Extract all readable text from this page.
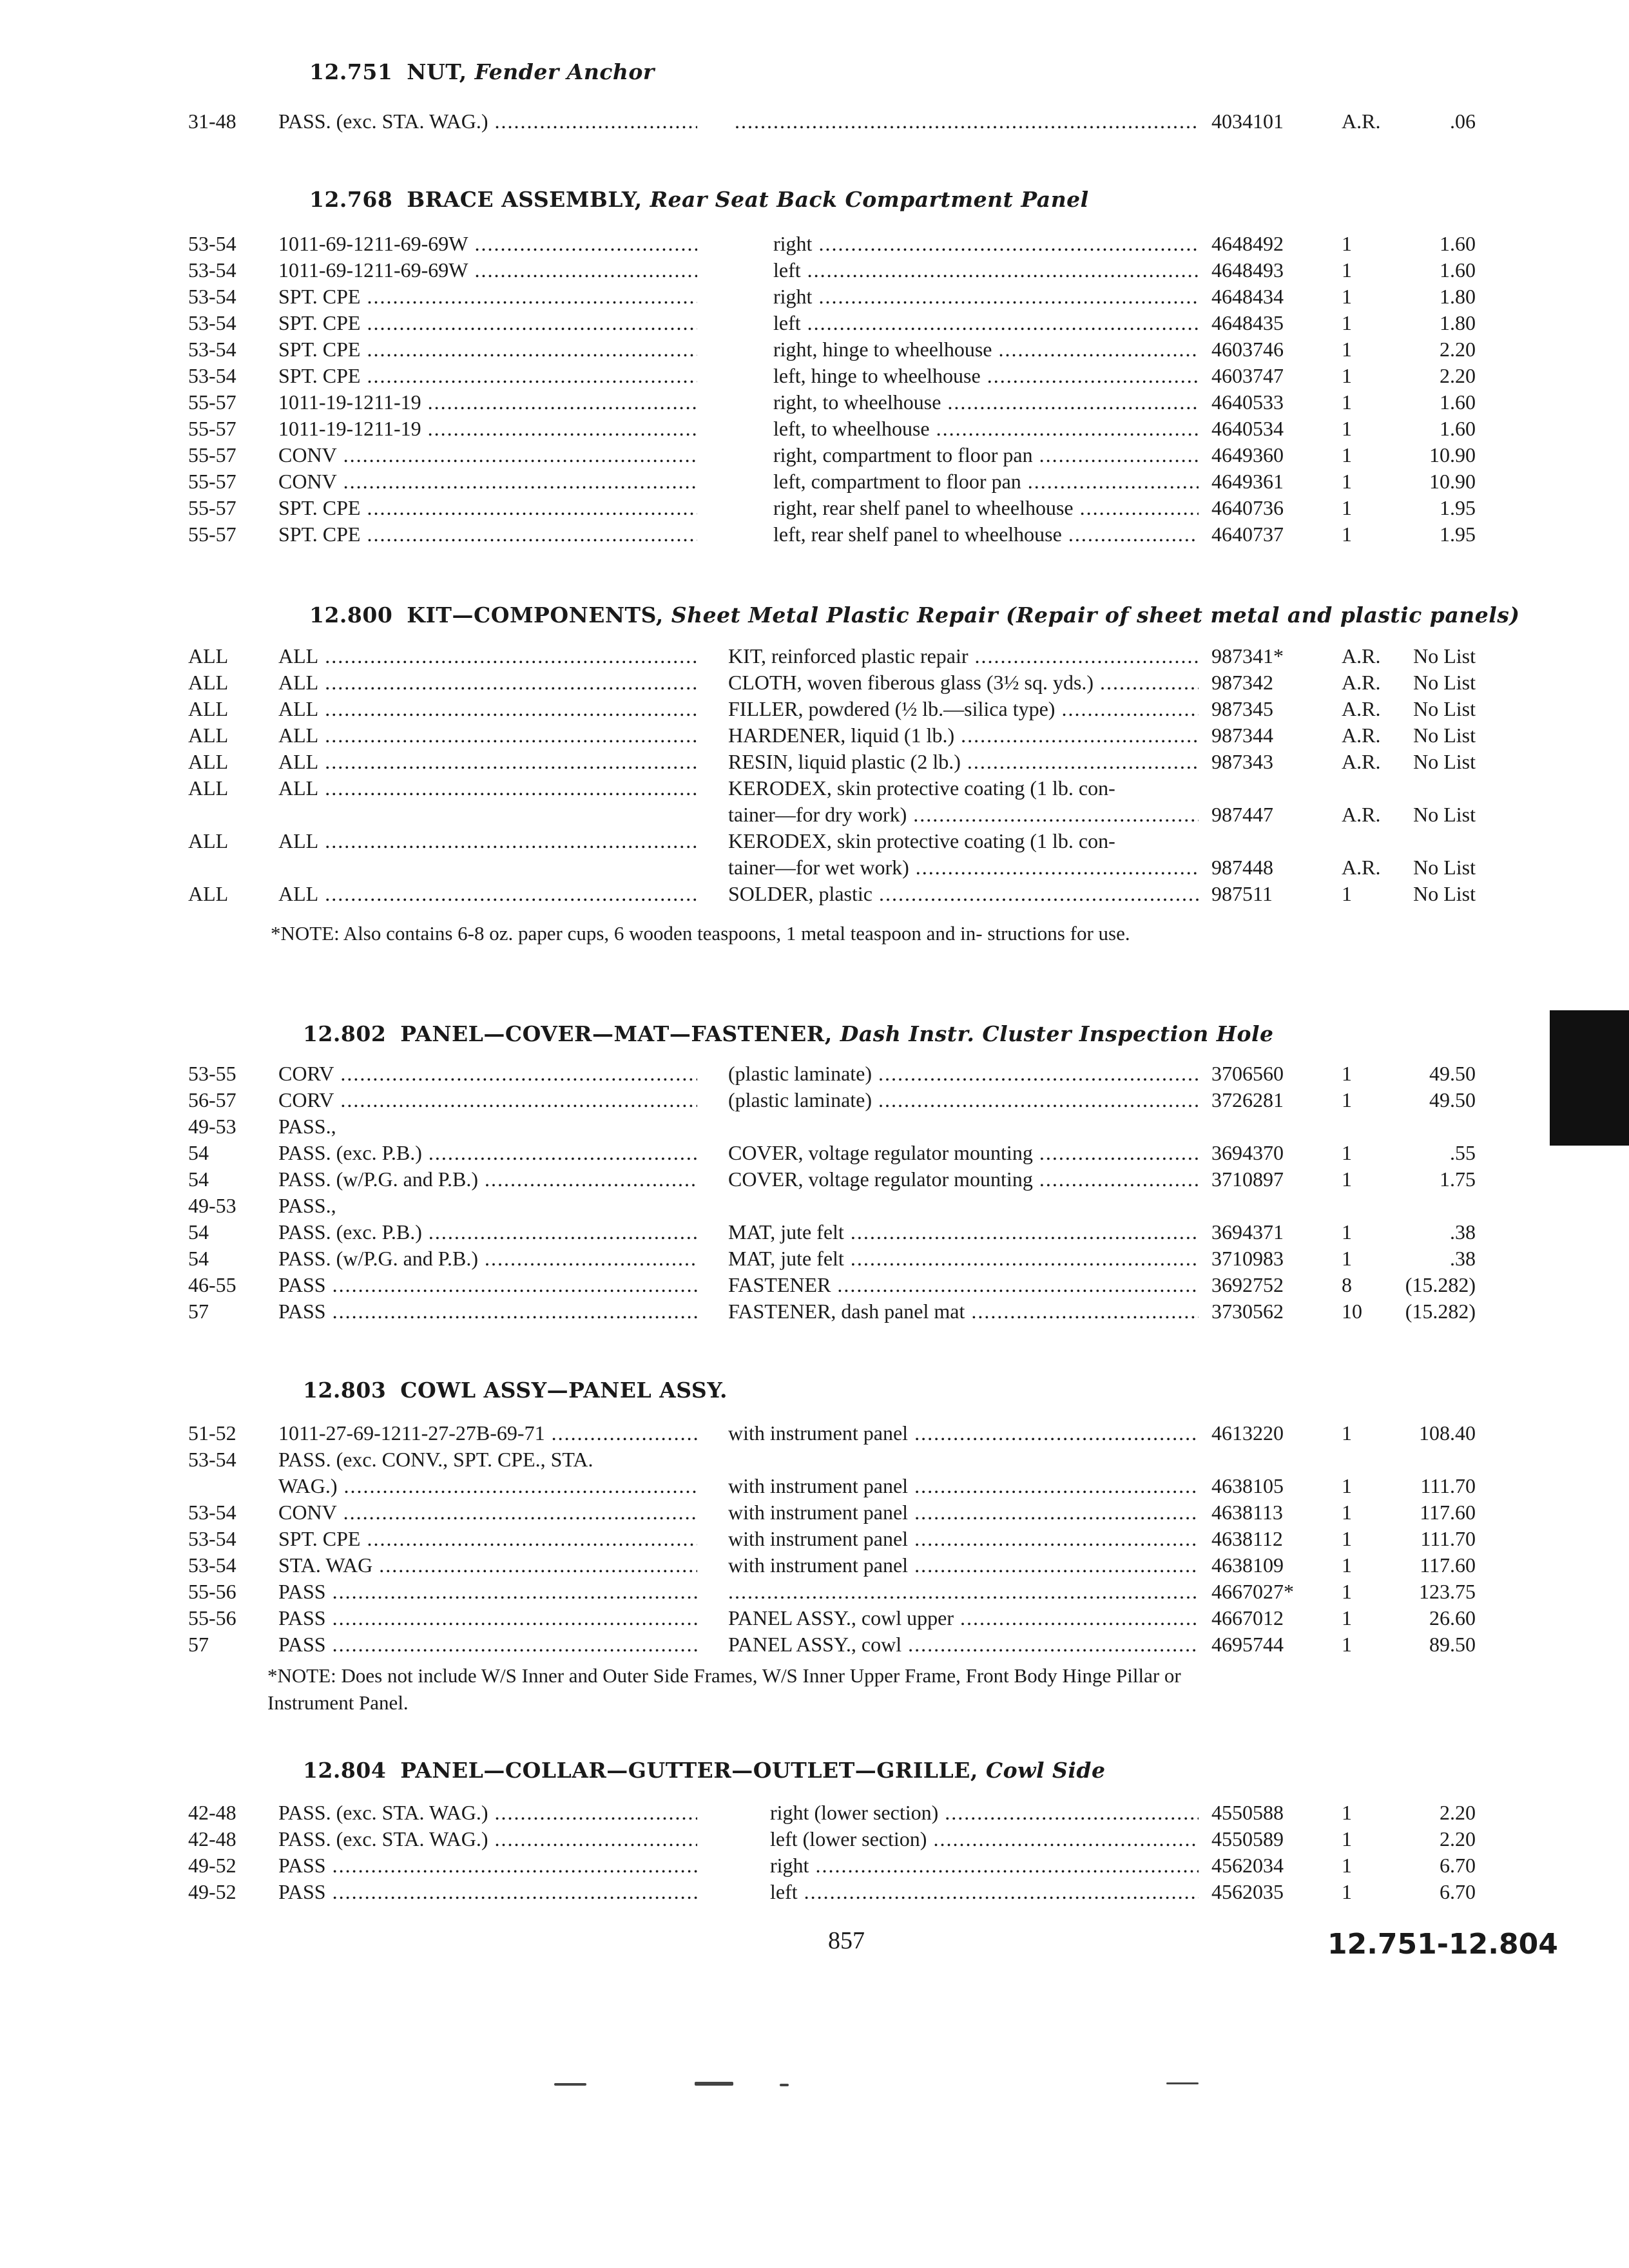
12.751 NUT, Fender Anchor
31-48	PASS. (exc. STA. WAG.) ..... .....	4034101	A.R.	.06
12.768 BRACE ASSEMBLY, Rear Seat Back Compartment Panel
53-54	1011-69-1211-69-69W .....	right .....	4648492	1	1.60
53-54	1011-69-1211-69-69W .....	left .....	4648493	1	1.60
53-54	SPT. CPE .....	right .....	4648434	1	1.80
53-54	SPT. CPE .....	left .....	4648435	1	1.80
53-54	SPT. CPE .....	right, hinge to wheelhouse .....	4603746	1	2.20
53-54	SPT. CPE .....	left, hinge to wheelhouse .....	4603747	1	2.20
55-57	1011-19-1211-19 .....	right, to wheelhouse .....	4640533	1	1.60
55-57	1011-19-1211-19 .....	left, to wheelhouse .....	4640534	1	1.60
55-57	CONV .....	right, compartment to floor pan .....	4649360	1	10.90
55-57	CONV .....	left, compartment to floor pan .....	4649361	1	10.90
55-57	SPT. CPE .....	right, rear shelf panel to wheelhouse .....	4640736	1	1.95
55-57	SPT. CPE .....	left, rear shelf panel to wheelhouse .....	4640737	1	1.95
12.800 KIT—COMPONENTS, Sheet Metal Plastic Repair (Repair of sheet metal and plastic panels)
ALL	ALL .....	KIT, reinforced plastic repair .....	987341*	A.R.	No List
ALL	ALL .....	CLOTH, woven fiberous glass (3½ sq. yds.) .....	987342	A.R.	No List
ALL	ALL .....	FILLER, powdered (½ lb.—silica type) .....	987345	A.R.	No List
ALL	ALL .....	HARDENER, liquid (1 lb.) .....	987344	A.R.	No List
ALL	ALL .....	RESIN, liquid plastic (2 lb.) .....	987343	A.R.	No List
ALL	ALL .....	KERODEX, skin protective coating (1 lb. con-
tainer—for dry work) .....	987447	A.R.	No List
ALL	ALL .....	KERODEX, skin protective coating (1 lb. con-
tainer—for wet work) .....	987448	A.R.	No List
ALL	ALL .....	SOLDER, plastic .....	987511	1	No List
*NOTE: Also contains 6-8 oz. paper cups, 6 wooden teaspoons, 1 metal teaspoon and in- structions for use.
12.802 PANEL—COVER—MAT—FASTENER, Dash Instr. Cluster Inspection Hole
53-55	CORV .....	(plastic laminate) .....	3706560	1	49.50
56-57	CORV .....	(plastic laminate) .....	3726281	1	49.50
49-53	PASS.,
54	PASS. (exc. P.B.) .....	COVER, voltage regulator mounting .....	3694370	1	.55
54	PASS. (w/P.G. and P.B.) .....	COVER, voltage regulator mounting .....	3710897	1	1.75
49-53	PASS.,
54	PASS. (exc. P.B.) .....	MAT, jute felt .....	3694371	1	.38
54	PASS. (w/P.G. and P.B.) .....	MAT, jute felt .....	3710983	1	.38
46-55	PASS .....	FASTENER .....	3692752	8	(15.282)
57	PASS .....	FASTENER, dash panel mat .....	3730562	10	(15.282)
12.803 COWL ASSY—PANEL ASSY.
51-52	1011-27-69-1211-27-27B-69-71 .....	with instrument panel .....	4613220	1	108.40
53-54	PASS. (exc. CONV., SPT. CPE., STA.
WAG.) .....	with instrument panel .....	4638105	1	111.70
53-54	CONV .....	with instrument panel .....	4638113	1	117.60
53-54	SPT. CPE .....	with instrument panel .....	4638112	1	111.70
53-54	STA. WAG .....	with instrument panel .....	4638109	1	117.60
55-56	PASS ..... .....	4667027*	1	123.75
55-56	PASS .....	PANEL ASSY., cowl upper .....	4667012	1	26.60
57	PASS .....	PANEL ASSY., cowl .....	4695744	1	89.50
*NOTE: Does not include W/S Inner and Outer Side Frames, W/S Inner Upper Frame, Front Body Hinge Pillar or Instrument Panel.
12.804 PANEL—COLLAR—GUTTER—OUTLET—GRILLE, Cowl Side
42-48	PASS. (exc. STA. WAG.) .....	right (lower section) .....	4550588	1	2.20
42-48	PASS. (exc. STA. WAG.) .....	left (lower section) .....	4550589	1	2.20
49-52	PASS .....	right .....	4562034	1	6.70
49-52	PASS .....	left .....	4562035	1	6.70
857	12.751-12.804
